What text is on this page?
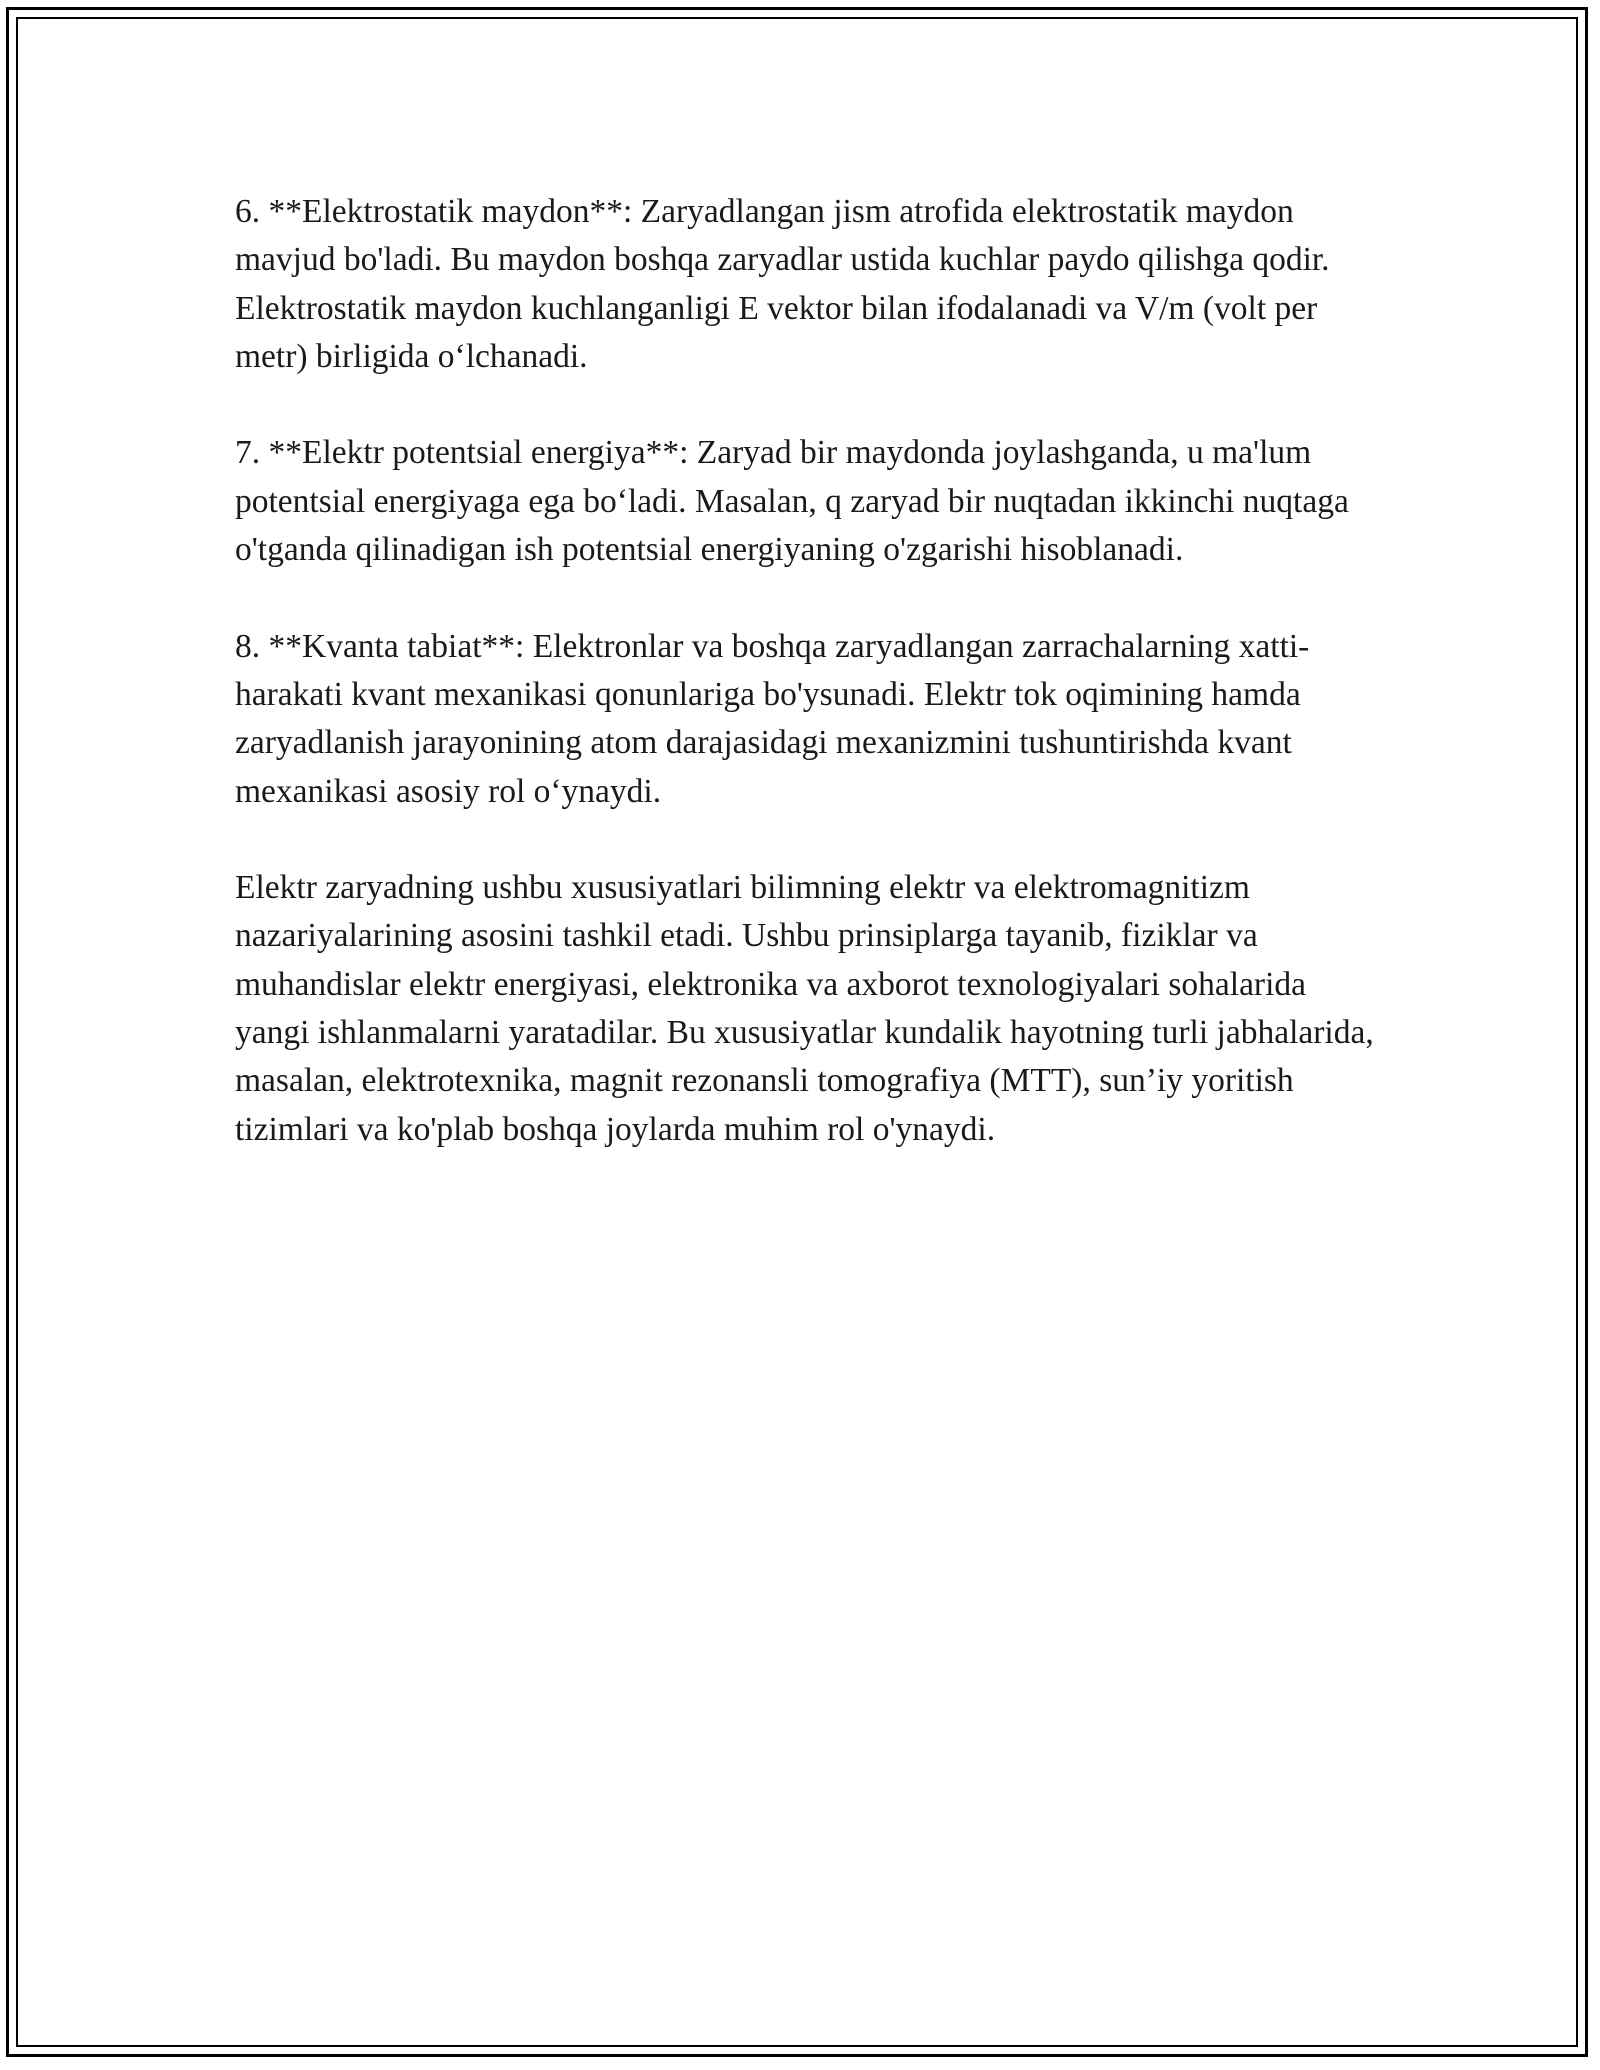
6. **Elektrostatik maydon**: Zaryadlangan jism atrofida elektrostatik maydon mavjud bo'ladi. Bu maydon boshqa zaryadlar ustida kuchlar paydo qilishga qodir. Elektrostatik maydon kuchlanganligi E vektor bilan ifodalanadi va V/m (volt per metr) birligida o‘lchanadi.

7. **Elektr potentsial energiya**: Zaryad bir maydonda joylashganda, u ma'lum potentsial energiyaga ega bo‘ladi. Masalan, q zaryad bir nuqtadan ikkinchi nuqtaga o'tganda qilinadigan ish potentsial energiyaning o'zgarishi hisoblanadi.

8. **Kvanta tabiat**: Elektronlar va boshqa zaryadlangan zarrachalarning xatti-harakati kvant mexanikasi qonunlariga bo'ysunadi. Elektr tok oqimining hamda zaryadlanish jarayonining atom darajasidagi mexanizmini tushuntirishda kvant mexanikasi asosiy rol o‘ynaydi.

Elektr zaryadning ushbu xususiyatlari bilimning elektr va elektromagnitizm nazariyalarining asosini tashkil etadi. Ushbu prinsiplarga tayanib, fiziklar va muhandislar elektr energiyasi, elektronika va axborot texnologiyalari sohalarida yangi ishlanmalarni yaratadilar. Bu xususiyatlar kundalik hayotning turli jabhalarida, masalan, elektrotexnika, magnit rezonansli tomografiya (MTT), sun’iy yoritish tizimlari va ko'plab boshqa joylarda muhim rol o'ynaydi.
